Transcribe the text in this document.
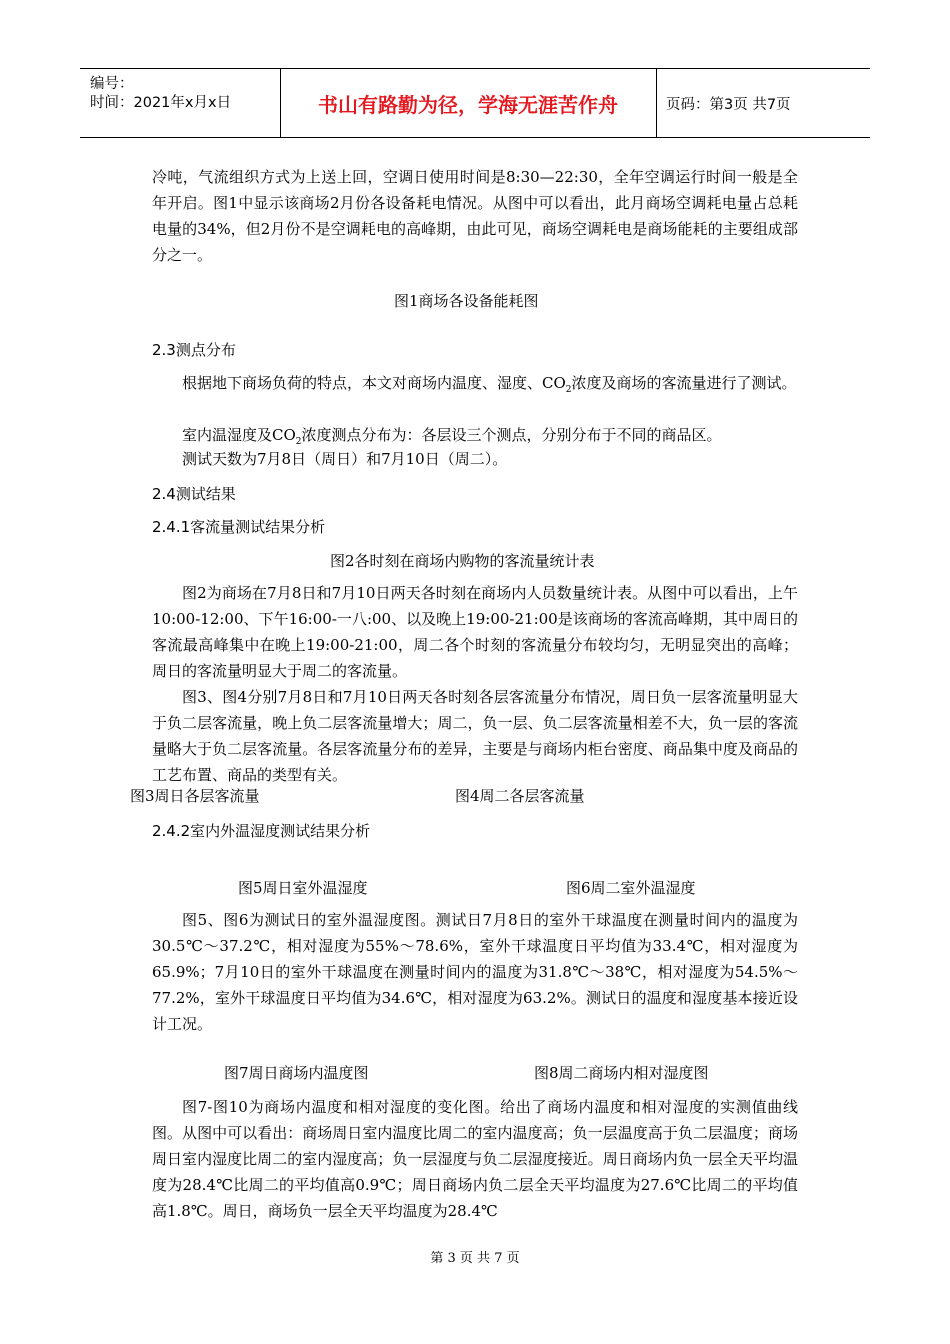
编号：
时间：2021年x月x日	书山有路勤为径，学海无涯苦作舟	页码：第3页 共7页

冷吨，气流组织方式为上送上回，空调日使用时间是8:30—22:30，全年空调运行时间一般是全年开启。图1中显示该商场2月份各设备耗电情况。从图中可以看出，此月商场空调耗电量占总耗电量的34%，但2月份不是空调耗电的高峰期，由此可见，商场空调耗电是商场能耗的主要组成部分之一。

图1商场各设备能耗图
2.3测点分布

根据地下商场负荷的特点，本文对商场内温度、湿度、$CO_2$浓度及商场的客流量进行了测试。

室内温湿度及$CO_2$浓度测点分布为：各层设三个测点，分别分布于不同的商品区。

测试天数为7月8日（周日）和7月10日（周二）。

2.4测试结果
2.4.1客流量测试结果分析
图2各时刻在商场内购物的客流量统计表

图2为商场在7月8日和7月10日两天各时刻在商场内人员数量统计表。从图中可以看出，上午10:00-12:00、下午16:00-一八:00、以及晚上19:00-21:00是该商场的客流高峰期，其中周日的客流最高峰集中在晚上19:00-21:00，周二各个时刻的客流量分布较均匀，无明显突出的高峰；周日的客流量明显大于周二的客流量。

图3、图4分别7月8日和7月10日两天各时刻各层客流量分布情况，周日负一层客流量明显大于负二层客流量，晚上负二层客流量增大；周二，负一层、负二层客流量相差不大，负一层的客流量略大于负二层客流量。各层客流量分布的差异，主要是与商场内柜台密度、商品集中度及商品的工艺布置、商品的类型有关。

图3周日各层客流量	图4周二各层客流量
2.4.2室内外温湿度测试结果分析
图5周日室外温湿度	图6周二室外温湿度

图5、图6为测试日的室外温湿度图。测试日7月8日的室外干球温度在测量时间内的温度为30.5℃～37.2℃，相对湿度为55%～78.6%，室外干球温度日平均值为33.4℃，相对湿度为65.9%；7月10日的室外干球温度在测量时间内的温度为31.8℃～38℃，相对湿度为54.5%～77.2%，室外干球温度日平均值为34.6℃，相对湿度为63.2%。测试日的温度和湿度基本接近设计工况。

图7周日商场内温度图	图8周二商场内相对湿度图

图7-图10为商场内温度和相对湿度的变化图。给出了商场内温度和相对湿度的实测值曲线图。从图中可以看出：商场周日室内温度比周二的室内温度高；负一层温度高于负二层温度；商场周日室内湿度比周二的室内湿度高；负一层湿度与负二层湿度接近。周日商场内负一层全天平均温度为28.4℃比周二的平均值高0.9℃；周日商场内负二层全天平均温度为27.6℃比周二的平均值高1.8℃。周日，商场负一层全天平均温度为28.4℃

第 3 页 共 7 页
